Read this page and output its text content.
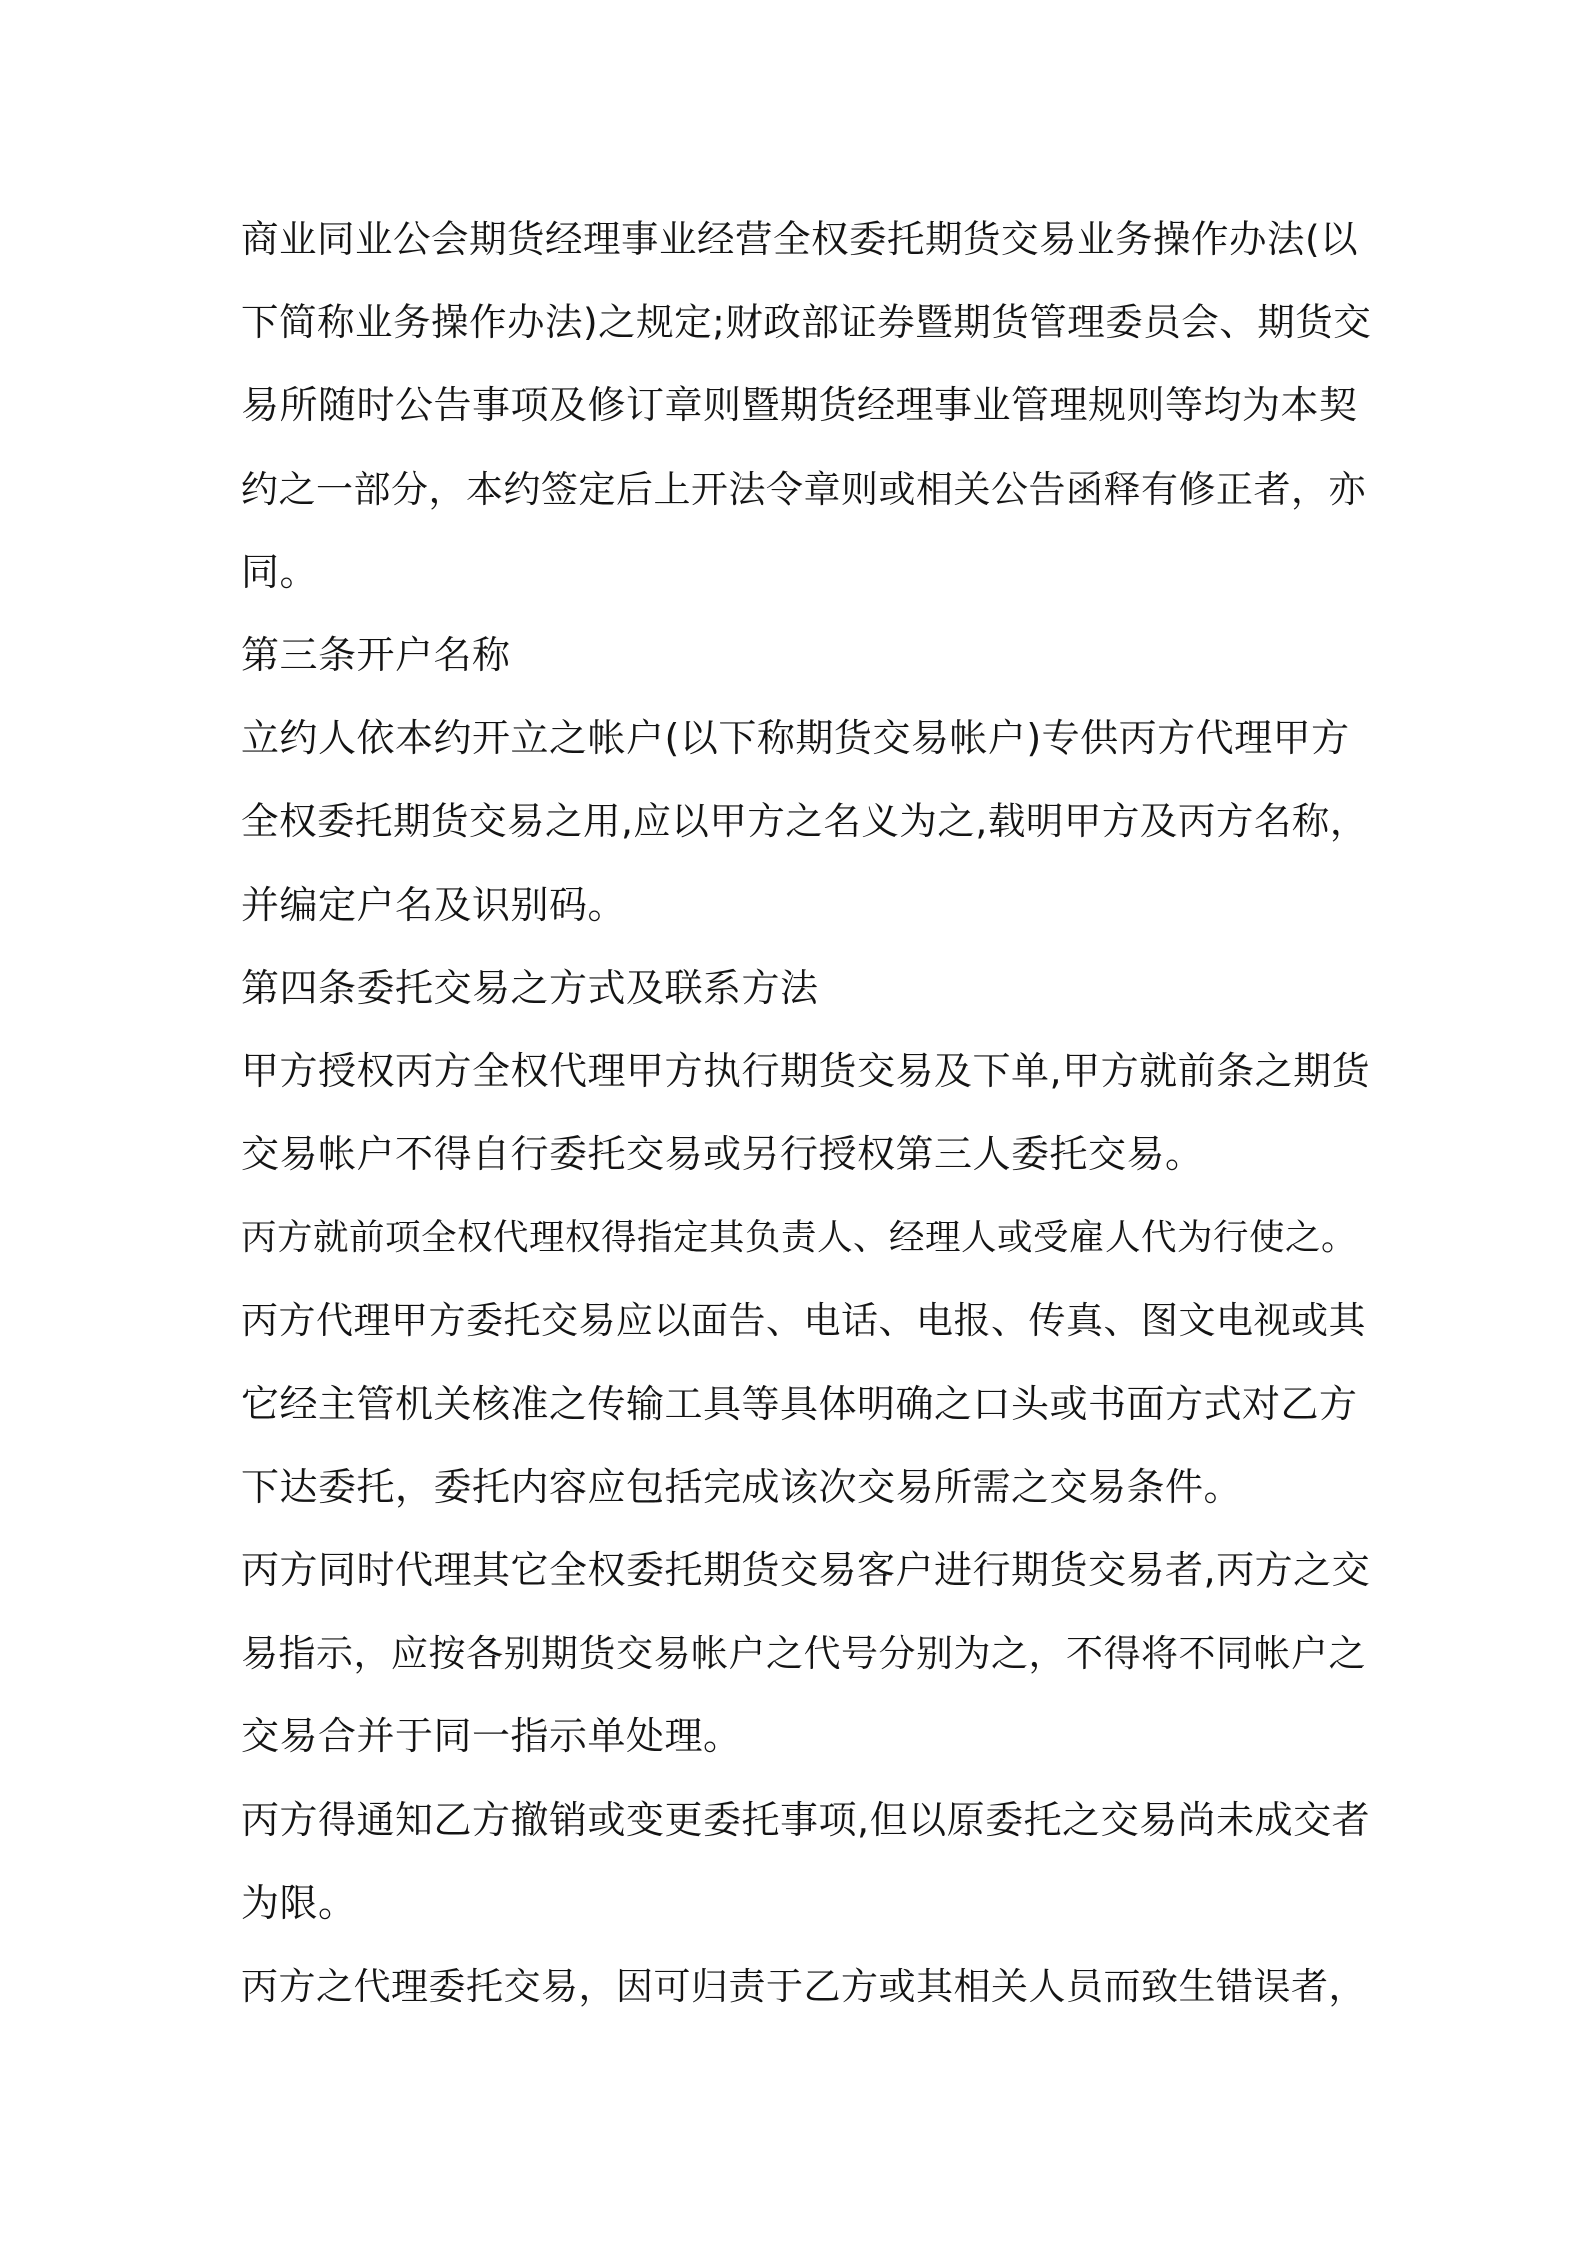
商业同业公会期货经理事业经营全权委托期货交易业务操作办法(以
下简称业务操作办法)之规定;财政部证券暨期货管理委员会、期货交
易所随时公告事项及修订章则暨期货经理事业管理规则等均为本契
约之一部分，本约签定后上开法令章则或相关公告函释有修正者，亦
同。
第三条开户名称
立约人依本约开立之帐户(以下称期货交易帐户)专供丙方代理甲方
全权委托期货交易之用,应以甲方之名义为之,载明甲方及丙方名称，
并编定户名及识别码。
第四条委托交易之方式及联系方法
甲方授权丙方全权代理甲方执行期货交易及下单,甲方就前条之期货
交易帐户不得自行委托交易或另行授权第三人委托交易。
丙方就前项全权代理权得指定其负责人、经理人或受雇人代为行使之。
丙方代理甲方委托交易应以面告、电话、电报、传真、图文电视或其
它经主管机关核准之传输工具等具体明确之口头或书面方式对乙方
下达委托，委托内容应包括完成该次交易所需之交易条件。
丙方同时代理其它全权委托期货交易客户进行期货交易者,丙方之交
易指示，应按各别期货交易帐户之代号分别为之，不得将不同帐户之
交易合并于同一指示单处理。
丙方得通知乙方撤销或变更委托事项,但以原委托之交易尚未成交者
为限。
丙方之代理委托交易，因可归责于乙方或其相关人员而致生错误者，
